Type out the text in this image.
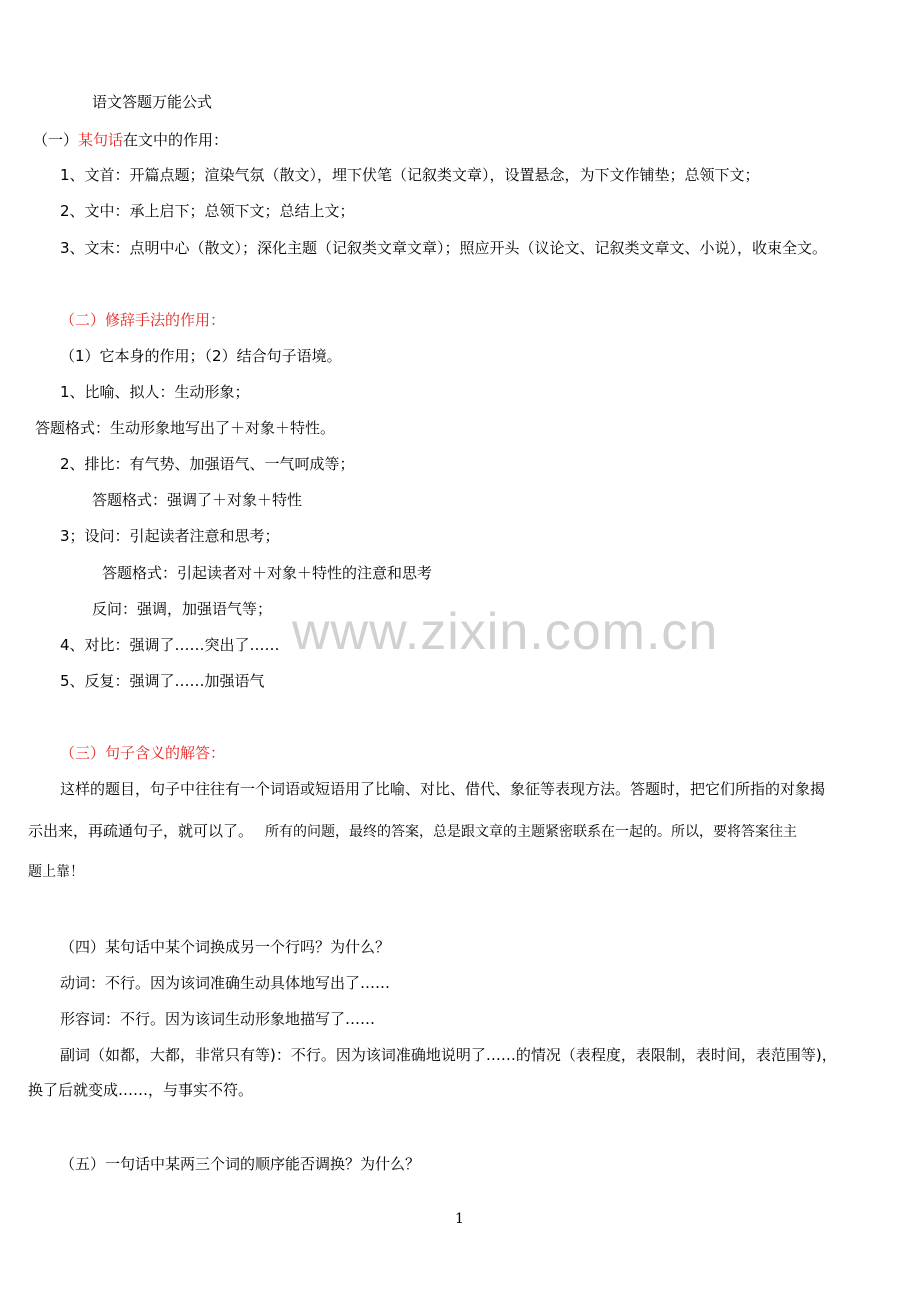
语文答题万能公式
（一）某句话在文中的作用：
1、文首：开篇点题；渲染气氛（散文），埋下伏笔（记叙类文章），设置悬念，为下文作铺垫；总领下文；
2、文中：承上启下；总领下文；总结上文；
3、文末：点明中心（散文）；深化主题（记叙类文章文章）；照应开头（议论文、记叙类文章文、小说），收束全文。
（二）修辞手法的作用：
（1）它本身的作用；（2）结合句子语境。
1、比喻、拟人：生动形象；
答题格式：生动形象地写出了＋对象＋特性。
2、排比：有气势、加强语气、一气呵成等；
答题格式：强调了＋对象＋特性
3；设问：引起读者注意和思考；
答题格式：引起读者对＋对象＋特性的注意和思考
反问：强调，加强语气等；
4、对比：强调了……突出了……
5、反复：强调了……加强语气
（三）句子含义的解答：
这样的题目，句子中往往有一个词语或短语用了比喻、对比、借代、象征等表现方法。答题时，把它们所指的对象揭
示出来，再疏通句子，就可以了。 所有的问题，最终的答案，总是跟文章的主题紧密联系在一起的。所以，要将答案往主
题上靠！
（四）某句话中某个词换成另一个行吗？为什么？
动词：不行。因为该词准确生动具体地写出了……
形容词：不行。因为该词生动形象地描写了……
副词（如都，大都，非常只有等)：不行。因为该词准确地说明了……的情况（表程度，表限制，表时间，表范围等)，
换了后就变成……，与事实不符。
（五）一句话中某两三个词的顺序能否调换？为什么？
1
www.zixin.com.cn
